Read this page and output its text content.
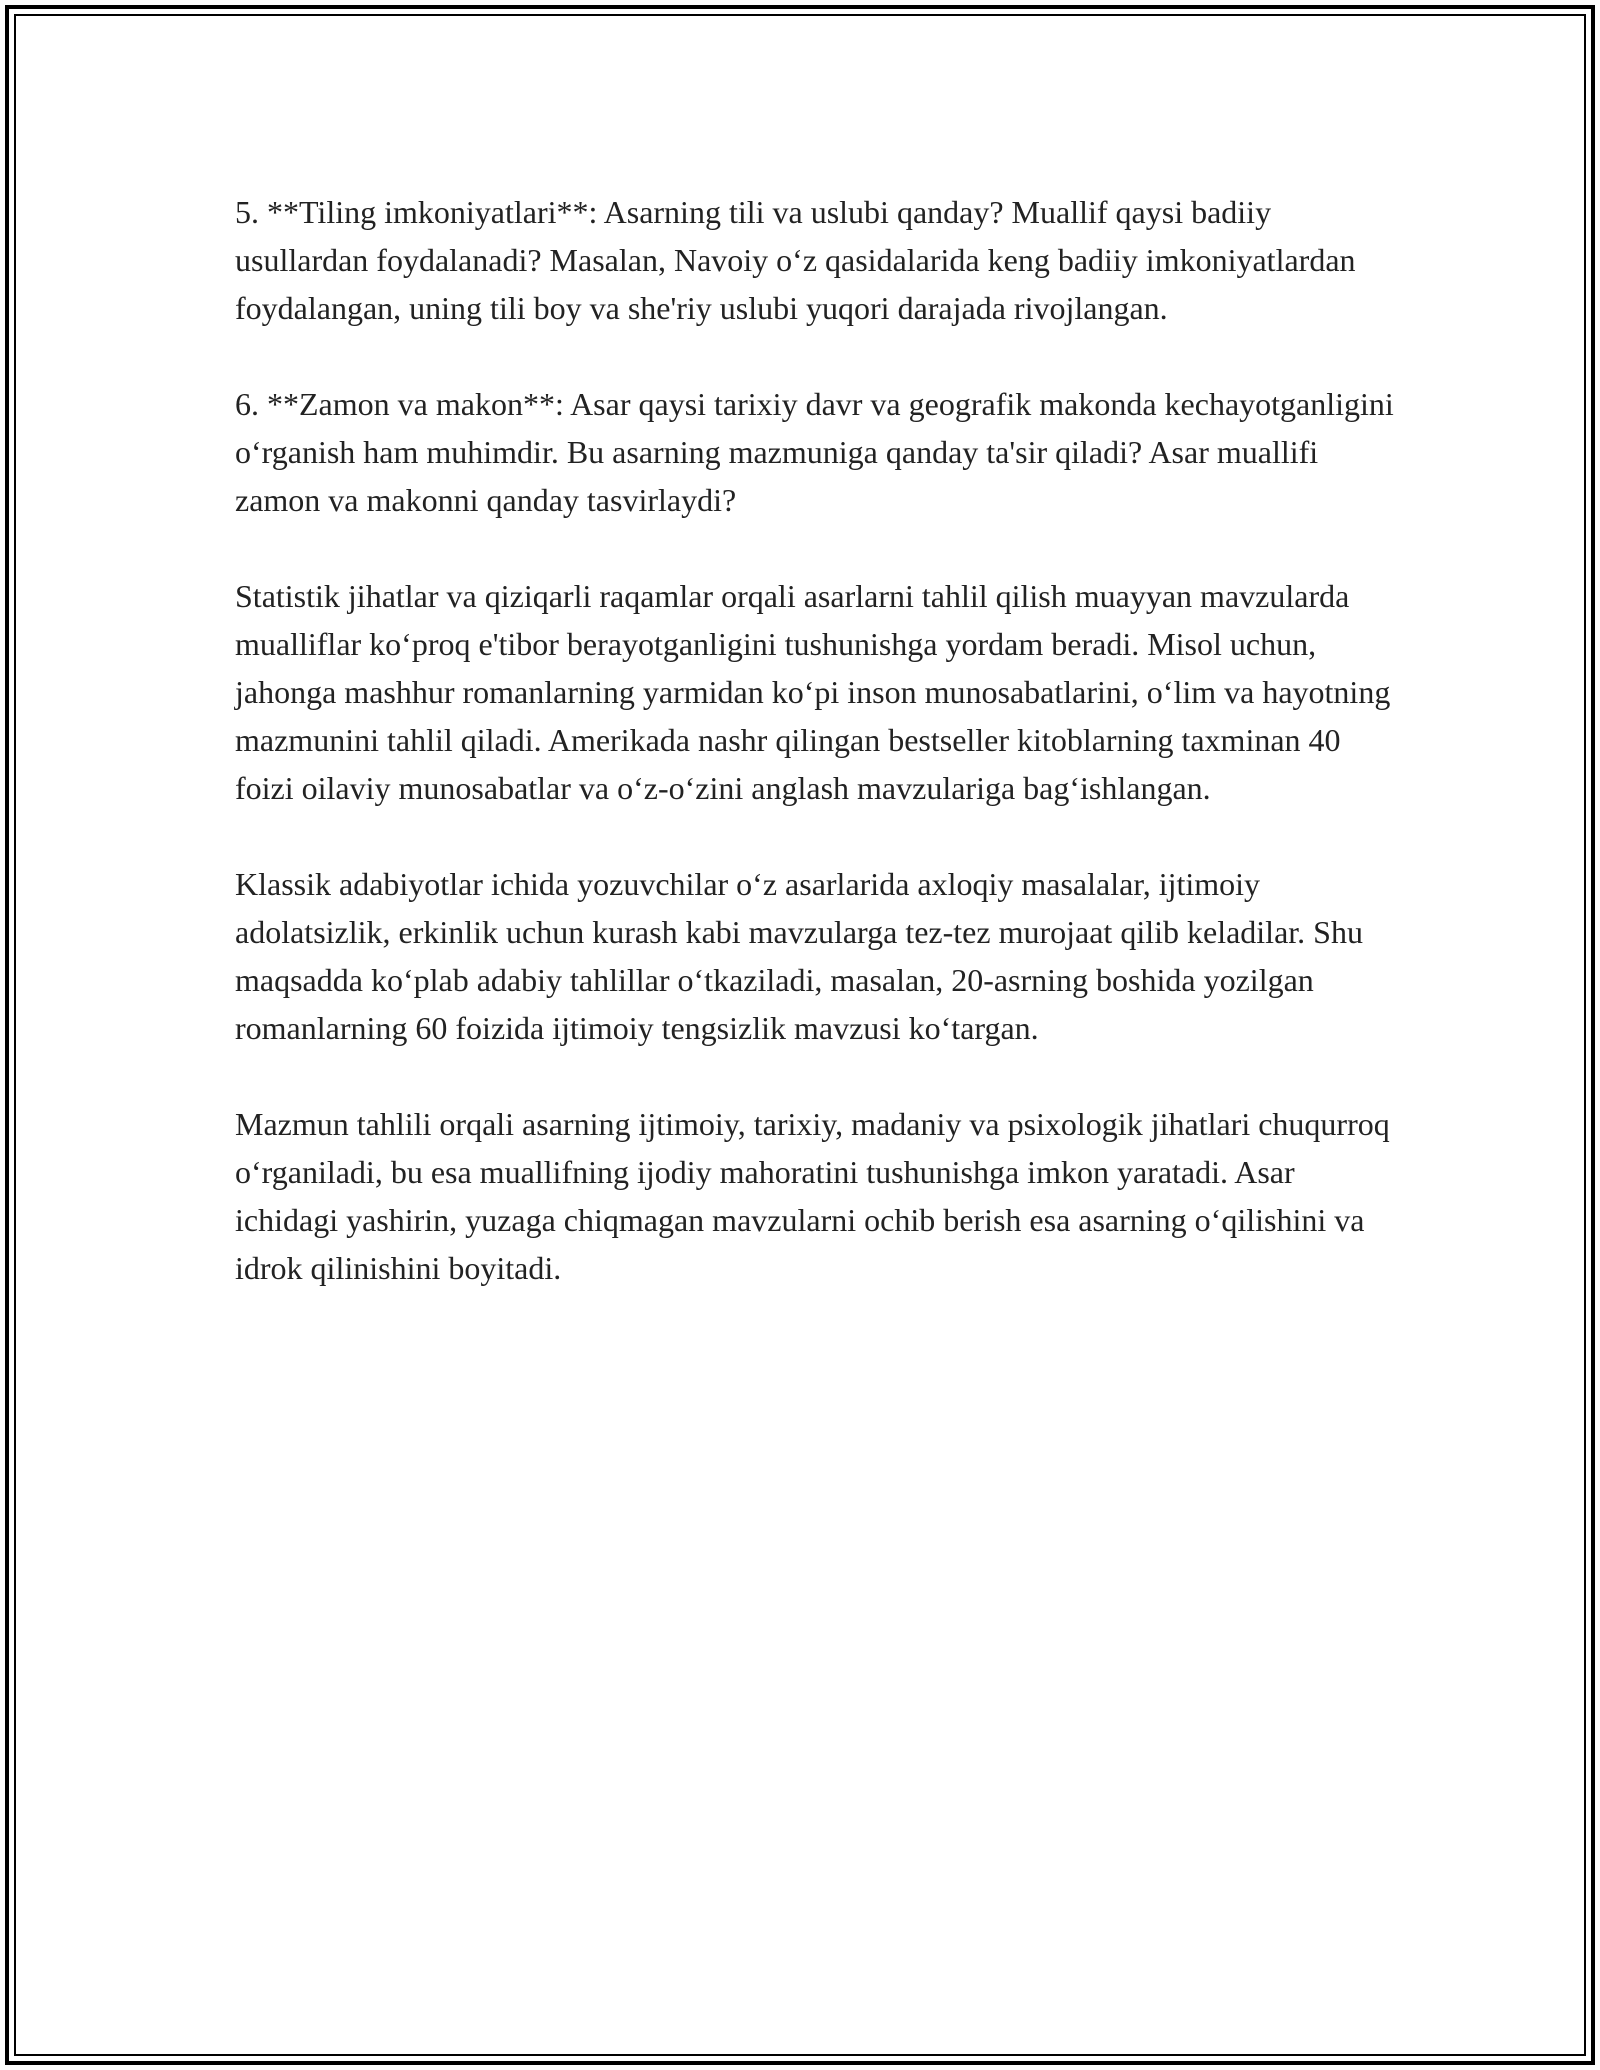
5. **Tiling imkoniyatlari**: Asarning tili va uslubi qanday? Muallif qaysi badiiy usullardan foydalanadi? Masalan, Navoiy o‘z qasidalarida keng badiiy imkoniyatlardan foydalangan, uning tili boy va she'riy uslubi yuqori darajada rivojlangan.

6. **Zamon va makon**: Asar qaysi tarixiy davr va geografik makonda kechayotganligini o‘rganish ham muhimdir. Bu asarning mazmuniga qanday ta'sir qiladi? Asar muallifi zamon va makonni qanday tasvirlaydi?

Statistik jihatlar va qiziqarli raqamlar orqali asarlarni tahlil qilish muayyan mavzularda mualliflar ko‘proq e'tibor berayotganligini tushunishga yordam beradi. Misol uchun, jahonga mashhur romanlarning yarmidan ko‘pi inson munosabatlarini, o‘lim va hayotning mazmunini tahlil qiladi. Amerikada nashr qilingan bestseller kitoblarning taxminan 40 foizi oilaviy munosabatlar va o‘z-o‘zini anglash mavzulariga bag‘ishlangan.

Klassik adabiyotlar ichida yozuvchilar o‘z asarlarida axloqiy masalalar, ijtimoiy adolatsizlik, erkinlik uchun kurash kabi mavzularga tez-tez murojaat qilib keladilar. Shu maqsadda ko‘plab adabiy tahlillar o‘tkaziladi, masalan, 20-asrning boshida yozilgan romanlarning 60 foizida ijtimoiy tengsizlik mavzusi ko‘targan.

Mazmun tahlili orqali asarning ijtimoiy, tarixiy, madaniy va psixologik jihatlari chuqurroq o‘rganiladi, bu esa muallifning ijodiy mahoratini tushunishga imkon yaratadi. Asar ichidagi yashirin, yuzaga chiqmagan mavzularni ochib berish esa asarning o‘qilishini va idrok qilinishini boyitadi.
